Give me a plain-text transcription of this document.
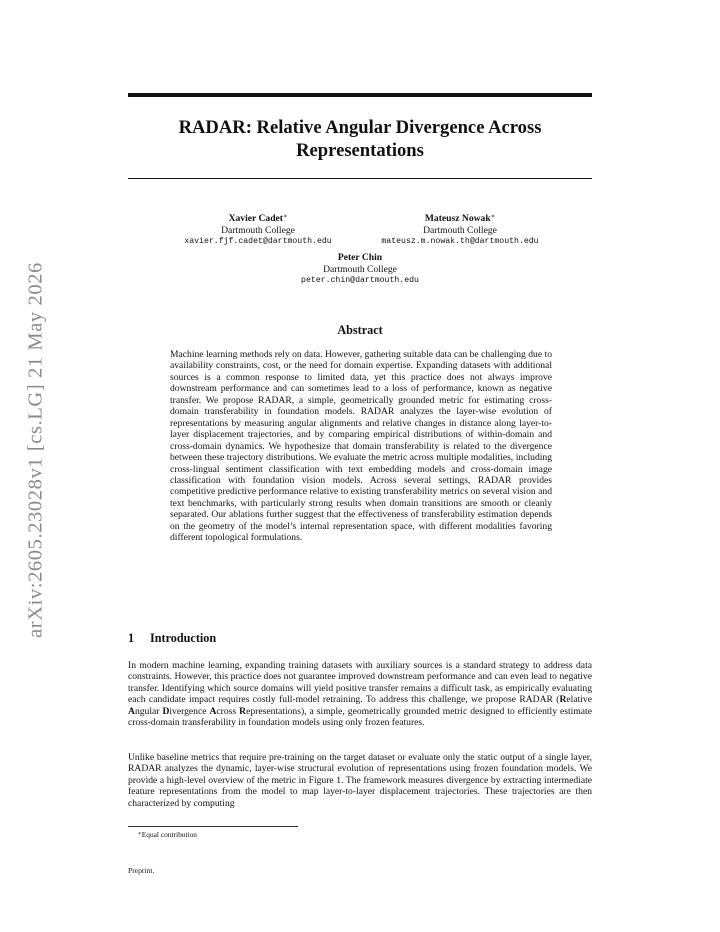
arXiv:2605.23028v1 [cs.LG] 21 May 2026
RADAR: Relative Angular Divergence Across Representations
Xavier Cadet∗
Dartmouth College
xavier.fjf.cadet@dartmouth.edu
Mateusz Nowak∗
Dartmouth College
mateusz.m.nowak.th@dartmouth.edu
Peter Chin
Dartmouth College
peter.chin@dartmouth.edu
Abstract

Machine learning methods rely on data. However, gathering suitable data can be challenging due to availability constraints, cost, or the need for domain expertise. Expanding datasets with additional sources is a common response to limited data, yet this practice does not always improve downstream performance and can sometimes lead to a loss of performance, known as negative transfer. We propose RADAR, a simple, geometrically grounded metric for estimating cross-domain transferability in foundation models. RADAR analyzes the layer-wise evolution of representations by measuring angular alignments and relative changes in distance along layer-to-layer displacement trajectories, and by comparing empirical distributions of within-domain and cross-domain dynamics. We hypothesize that domain transferability is related to the divergence between these trajectory distributions. We evaluate the metric across multiple modalities, including cross-lingual sentiment classification with text embedding models and cross-domain image classification with foundation vision models. Across several settings, RADAR provides competitive predictive performance relative to existing transferability metrics on several vision and text benchmarks, with particularly strong results when domain transitions are smooth or cleanly separated. Our ablations further suggest that the effectiveness of transferability estimation depends on the geometry of the model’s internal representation space, with different modalities favoring different topological formulations.

1 Introduction

In modern machine learning, expanding training datasets with auxiliary sources is a standard strategy to address data constraints. However, this practice does not guarantee improved downstream performance and can even lead to negative transfer. Identifying which source domains will yield positive transfer remains a difficult task, as empirically evaluating each candidate impact requires costly full-model retraining. To address this challenge, we propose RADAR (Relative Angular Divergence Across Representations), a simple, geometrically grounded metric designed to efficiently estimate cross-domain transferability in foundation models using only frozen features.

Unlike baseline metrics that require pre-training on the target dataset or evaluate only the static output of a single layer, RADAR analyzes the dynamic, layer-wise structural evolution of representations using frozen foundation models. We provide a high-level overview of the metric in Figure 1. The framework measures divergence by extracting intermediate feature representations from the model to map layer-to-layer displacement trajectories. These trajectories are then characterized by computing

∗Equal contribution

Preprint.
